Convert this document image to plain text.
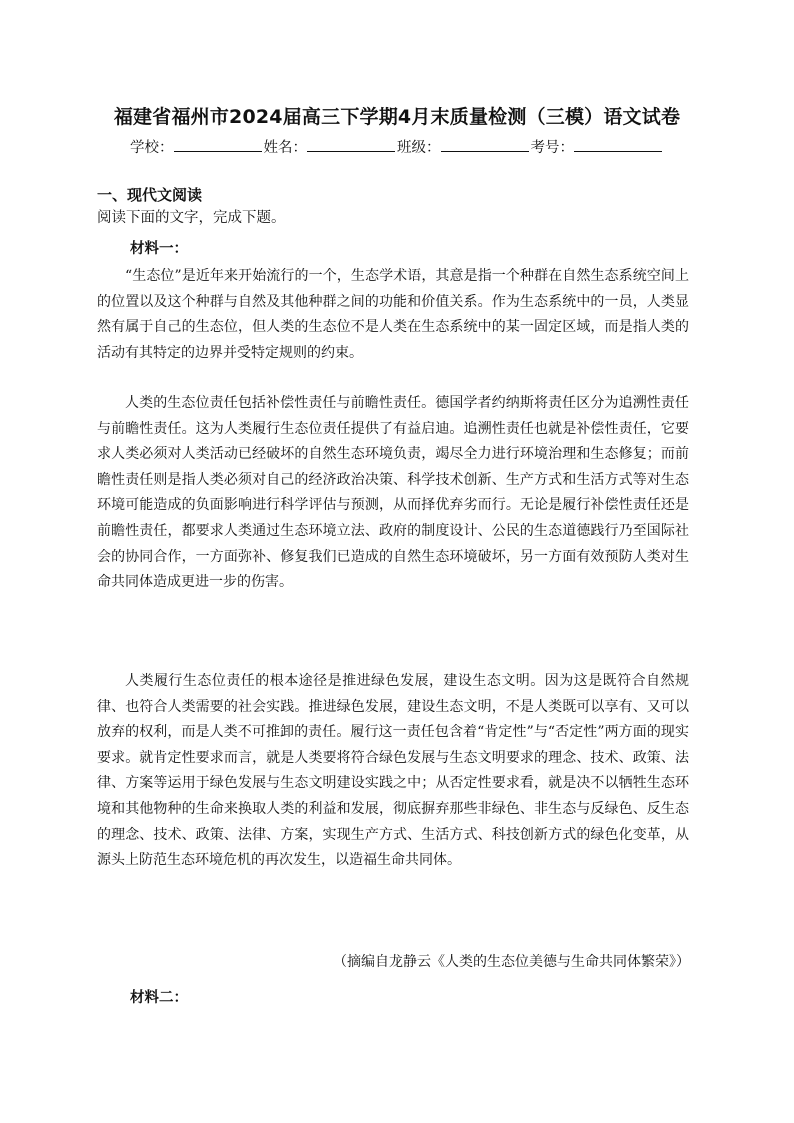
福建省福州市2024届高三下学期4月末质量检测（三模）语文试卷
学校：	姓名：	班级：	考号：
一、现代文阅读
阅读下面的文字，完成下题。
材料一：

“生态位”是近年来开始流行的一个，生态学术语，其意是指一个种群在自然生态系统空间上的位置以及这个种群与自然及其他种群之间的功能和价值关系。作为生态系统中的一员，人类显然有属于自己的生态位，但人类的生态位不是人类在生态系统中的某一固定区域，而是指人类的活动有其特定的边界并受特定规则的约束。

人类的生态位责任包括补偿性责任与前瞻性责任。德国学者约纳斯将责任区分为追溯性责任与前瞻性责任。这为人类履行生态位责任提供了有益启迪。追溯性责任也就是补偿性责任，它要求人类必须对人类活动已经破坏的自然生态环境负责，竭尽全力进行环境治理和生态修复；而前瞻性责任则是指人类必须对自己的经济政治决策、科学技术创新、生产方式和生活方式等对生态环境可能造成的负面影响进行科学评估与预测，从而择优弃劣而行。无论是履行补偿性责任还是前瞻性责任，都要求人类通过生态环境立法、政府的制度设计、公民的生态道德践行乃至国际社会的协同合作，一方面弥补、修复我们已造成的自然生态环境破坏，另一方面有效预防人类对生命共同体造成更进一步的伤害。

人类履行生态位责任的根本途径是推进绿色发展，建设生态文明。因为这是既符合自然规律、也符合人类需要的社会实践。推进绿色发展，建设生态文明，不是人类既可以享有、又可以放弃的权利，而是人类不可推卸的责任。履行这一责任包含着“肯定性”与“否定性”两方面的现实要求。就肯定性要求而言，就是人类要将符合绿色发展与生态文明要求的理念、技术、政策、法律、方案等运用于绿色发展与生态文明建设实践之中；从否定性要求看，就是决不以牺牲生态环境和其他物种的生命来换取人类的利益和发展，彻底摒弃那些非绿色、非生态与反绿色、反生态的理念、技术、政策、法律、方案，实现生产方式、生活方式、科技创新方式的绿色化变革，从源头上防范生态环境危机的再次发生，以造福生命共同体。

（摘编自龙静云《人类的生态位美德与生命共同体繁荣》）
材料二：
